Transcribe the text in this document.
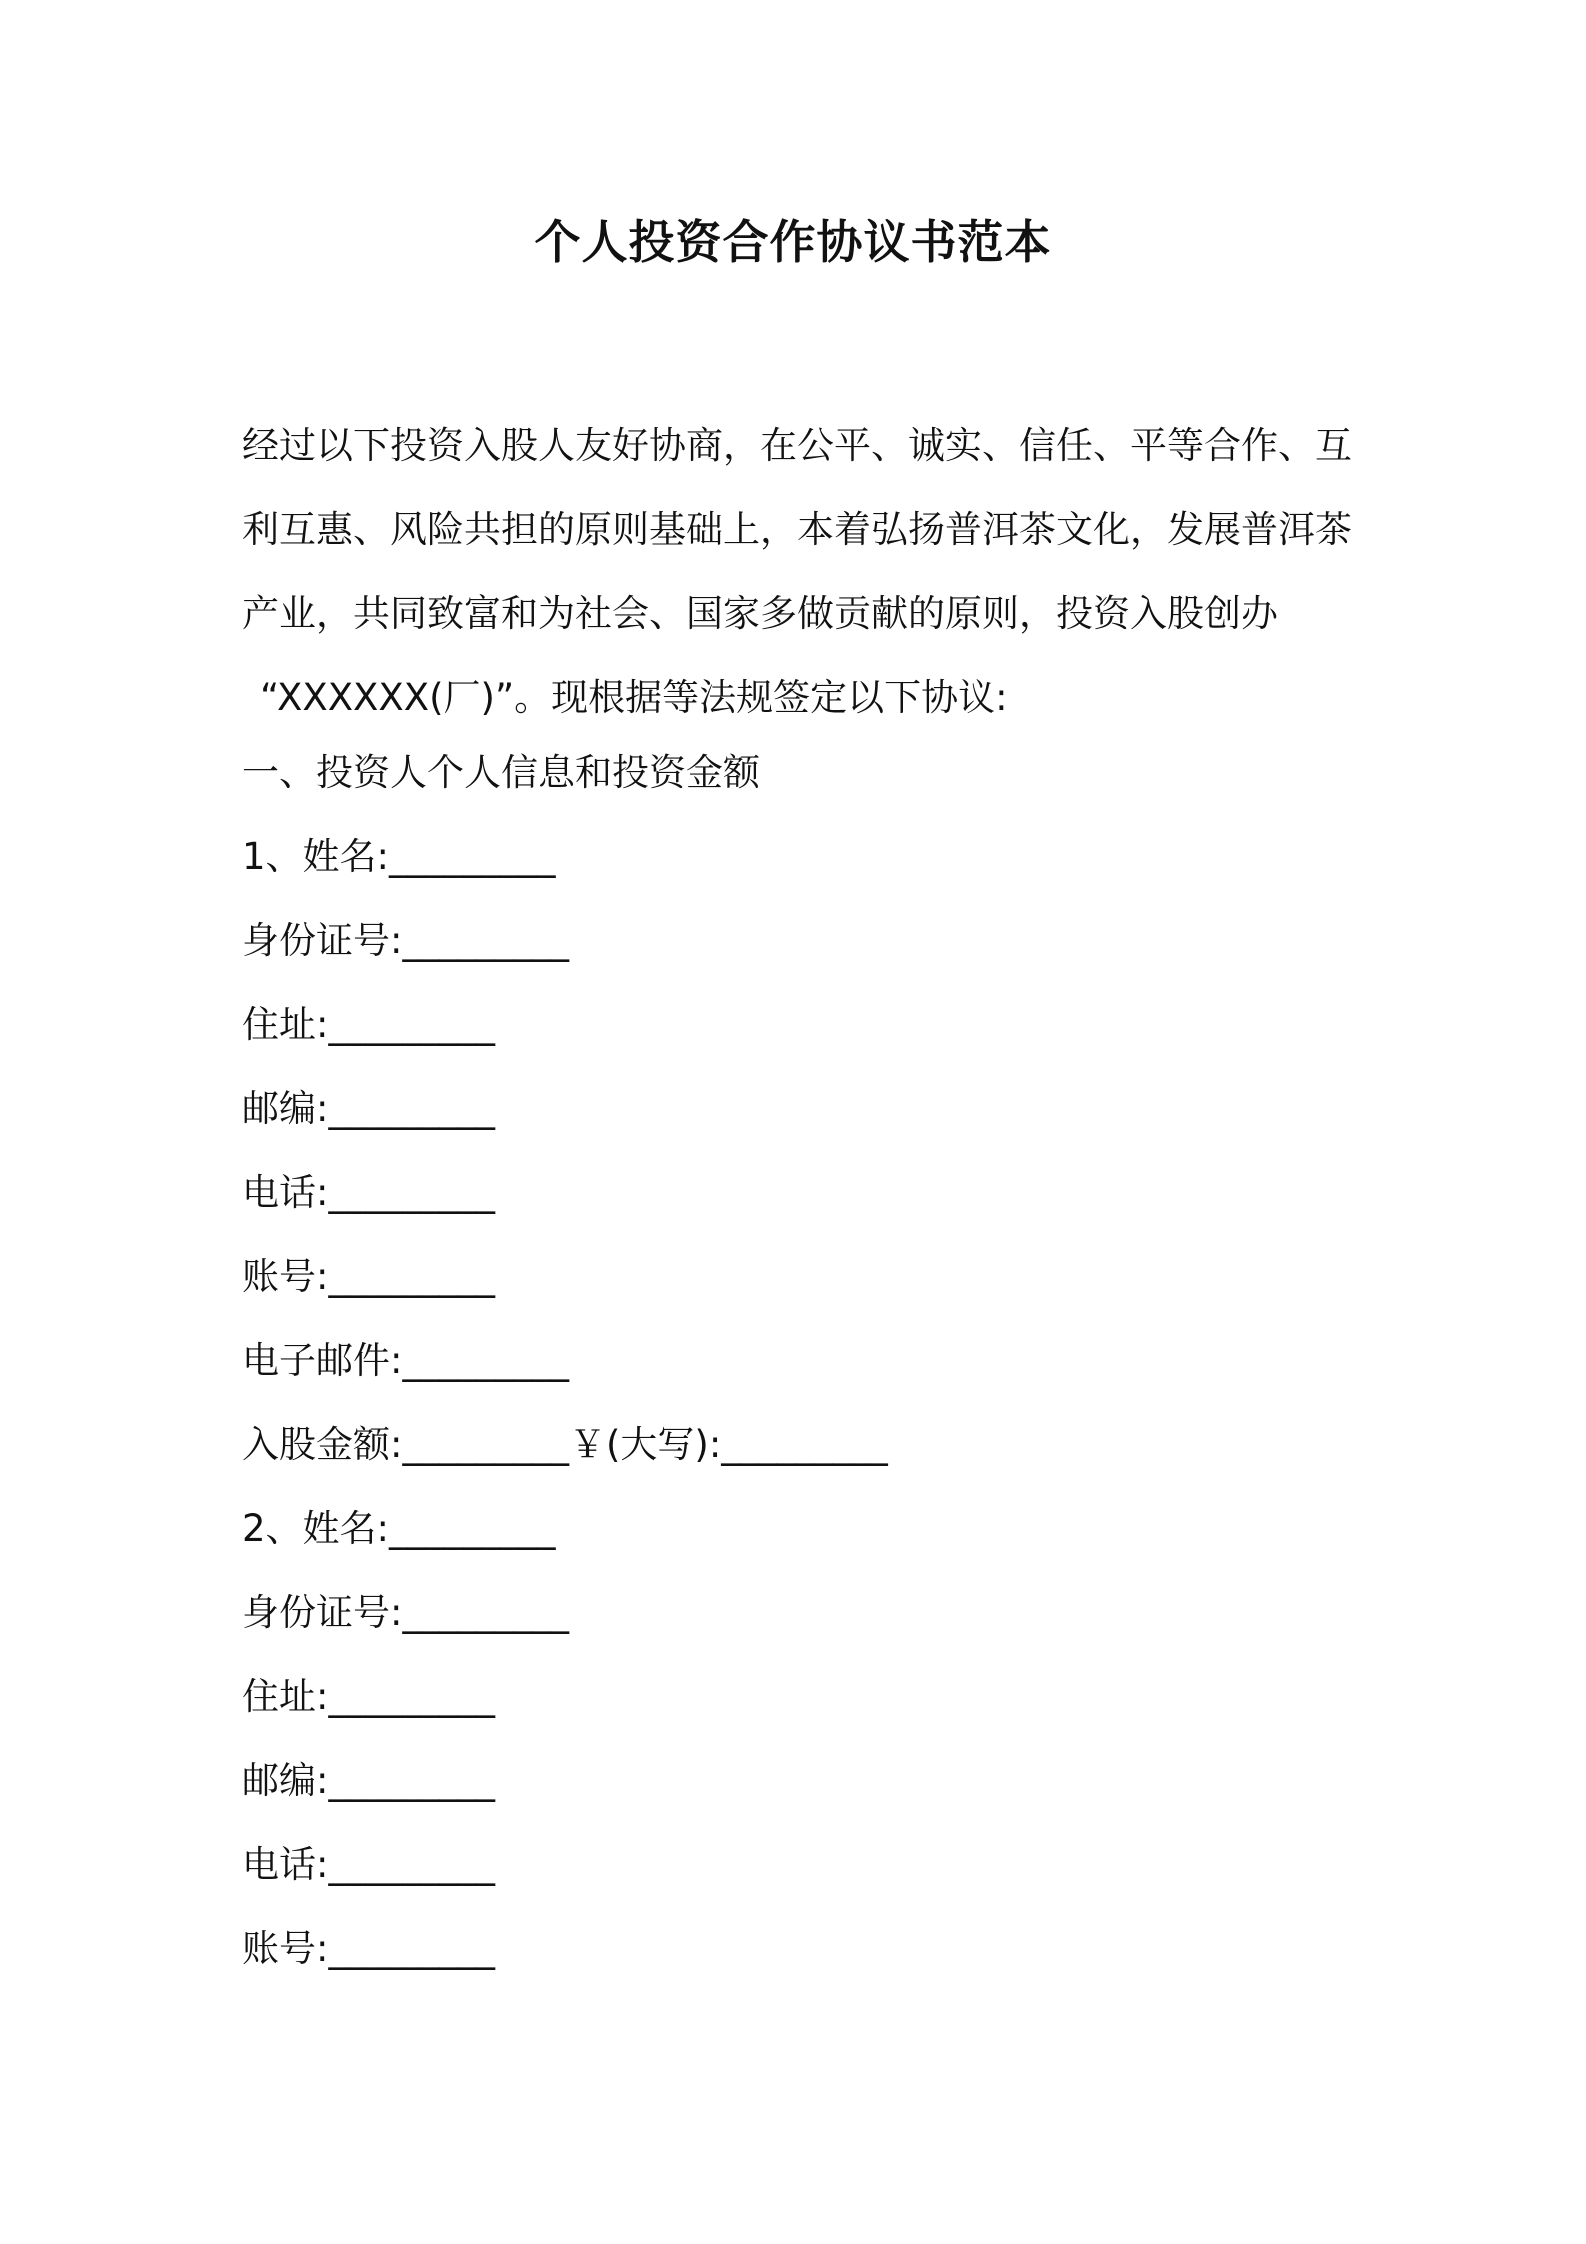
个人投资合作协议书范本

经过以下投资入股人友好协商，在公平、诚实、信任、平等合作、互
利互惠、风险共担的原则基础上，本着弘扬普洱茶文化，发展普洱茶
产业，共同致富和为社会、国家多做贡献的原则，投资入股创办
“XXXXXX(厂)”。现根据等法规签定以下协议:

一、投资人个人信息和投资金额

1、姓名:_________

身份证号:_________

住址:_________

邮编:_________

电话:_________

账号:_________

电子邮件:_________

入股金额:_________￥(大写):_________

2、姓名:_________

身份证号:_________

住址:_________

邮编:_________

电话:_________

账号:_________
